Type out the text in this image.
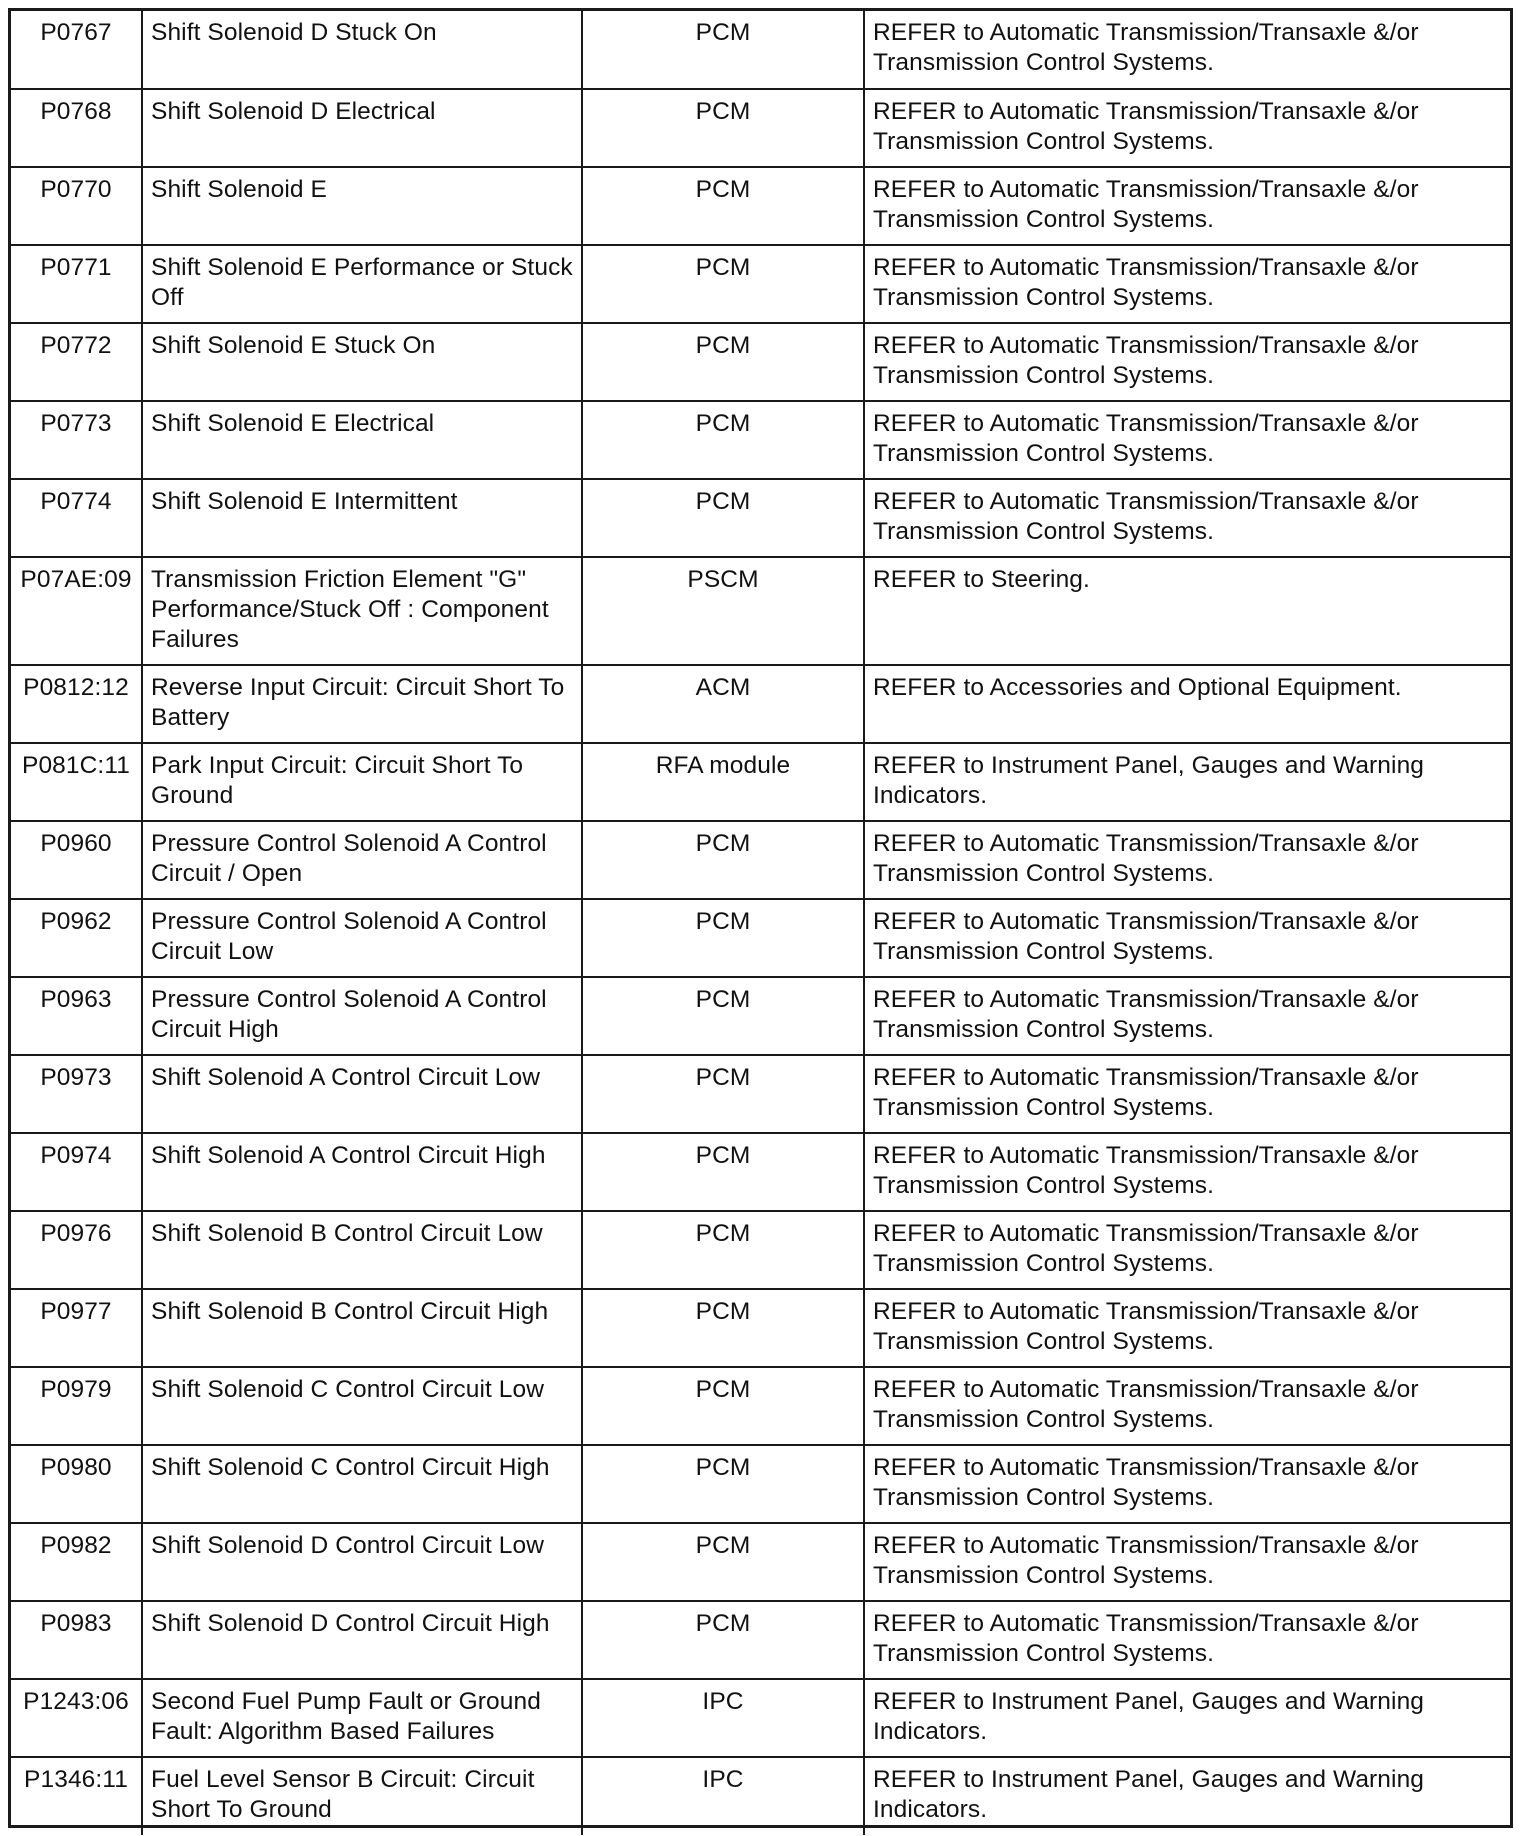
P0767	Shift Solenoid D Stuck On	PCM	REFER to Automatic Transmission/Transaxle &/or Transmission Control Systems.
P0768	Shift Solenoid D Electrical	PCM	REFER to Automatic Transmission/Transaxle &/or Transmission Control Systems.
P0770	Shift Solenoid E	PCM	REFER to Automatic Transmission/Transaxle &/or Transmission Control Systems.
P0771	Shift Solenoid E Performance or Stuck Off	PCM	REFER to Automatic Transmission/Transaxle &/or Transmission Control Systems.
P0772	Shift Solenoid E Stuck On	PCM	REFER to Automatic Transmission/Transaxle &/or Transmission Control Systems.
P0773	Shift Solenoid E Electrical	PCM	REFER to Automatic Transmission/Transaxle &/or Transmission Control Systems.
P0774	Shift Solenoid E Intermittent	PCM	REFER to Automatic Transmission/Transaxle &/or Transmission Control Systems.
P07AE:09	Transmission Friction Element "G" Performance/Stuck Off : Component Failures	PSCM	REFER to Steering.
P0812:12	Reverse Input Circuit: Circuit Short To Battery	ACM	REFER to Accessories and Optional Equipment.
P081C:11	Park Input Circuit: Circuit Short To Ground	RFA module	REFER to Instrument Panel, Gauges and Warning Indicators.
P0960	Pressure Control Solenoid A Control Circuit / Open	PCM	REFER to Automatic Transmission/Transaxle &/or Transmission Control Systems.
P0962	Pressure Control Solenoid A Control Circuit Low	PCM	REFER to Automatic Transmission/Transaxle &/or Transmission Control Systems.
P0963	Pressure Control Solenoid A Control Circuit High	PCM	REFER to Automatic Transmission/Transaxle &/or Transmission Control Systems.
P0973	Shift Solenoid A Control Circuit Low	PCM	REFER to Automatic Transmission/Transaxle &/or Transmission Control Systems.
P0974	Shift Solenoid A Control Circuit High	PCM	REFER to Automatic Transmission/Transaxle &/or Transmission Control Systems.
P0976	Shift Solenoid B Control Circuit Low	PCM	REFER to Automatic Transmission/Transaxle &/or Transmission Control Systems.
P0977	Shift Solenoid B Control Circuit High	PCM	REFER to Automatic Transmission/Transaxle &/or Transmission Control Systems.
P0979	Shift Solenoid C Control Circuit Low	PCM	REFER to Automatic Transmission/Transaxle &/or Transmission Control Systems.
P0980	Shift Solenoid C Control Circuit High	PCM	REFER to Automatic Transmission/Transaxle &/or Transmission Control Systems.
P0982	Shift Solenoid D Control Circuit Low	PCM	REFER to Automatic Transmission/Transaxle &/or Transmission Control Systems.
P0983	Shift Solenoid D Control Circuit High	PCM	REFER to Automatic Transmission/Transaxle &/or Transmission Control Systems.
P1243:06	Second Fuel Pump Fault or Ground Fault: Algorithm Based Failures	IPC	REFER to Instrument Panel, Gauges and Warning Indicators.
P1346:11	Fuel Level Sensor B Circuit: Circuit Short To Ground	IPC	REFER to Instrument Panel, Gauges and Warning Indicators.
